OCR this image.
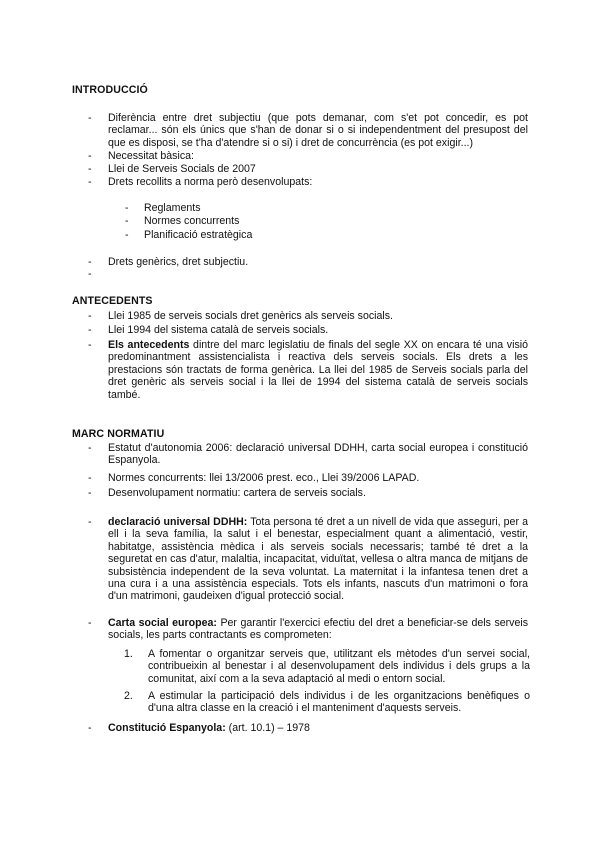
INTRODUCCIÓ
-	Diferència entre dret subjectiu (que pots demanar, com s'et pot concedir, es pot reclamar... són els únics que s'han de donar si o si independentment del presupost del que es disposi, se t'ha d'atendre si o si) i dret de concurrència (es pot exigir...)
-	Necessitat bàsica:
-	Llei de Serveis Socials de 2007
-	Drets recollits a norma però desenvolupats:
-	Reglaments
-	Normes concurrents
-	Planificació estratègica
-	Drets genèrics, dret subjectiu.
-
ANTECEDENTS
-	Llei 1985 de serveis socials dret genèrics als serveis socials.
-	Llei 1994 del sistema català de serveis socials.
-	Els antecedents dintre del marc legislatiu de finals del segle XX on encara té una visió predominantment assistencialista i reactiva dels serveis socials. Els drets a les prestacions són tractats de forma genèrica. La llei del 1985 de Serveis socials parla del dret genèric als serveis social i la llei de 1994 del sistema català de serveis socials també.
MARC NORMATIU
-	Estatut d'autonomia 2006: declaració universal DDHH, carta social europea i constitució Espanyola.
-	Normes concurrents: llei 13/2006 prest. eco., Llei 39/2006 LAPAD.
-	Desenvolupament normatiu: cartera de serveis socials.
-	declaració universal DDHH: Tota persona té dret a un nivell de vida que asseguri, per a ell i la seva família, la salut i el benestar, especialment quant a alimentació, vestir, habitatge, assistència mèdica i als serveis socials necessaris; també té dret a la seguretat en cas d'atur, malaltia, incapacitat, viduïtat, vellesa o altra manca de mitjans de subsistència independent de la seva voluntat. La maternitat i la infantesa tenen dret a una cura i a una assistència especials. Tots els infants, nascuts d'un matrimoni o fora d'un matrimoni, gaudeixen d'igual protecció social.
-	Carta social europea: Per garantir l'exercici efectiu del dret a beneficiar-se dels serveis socials, les parts contractants es comprometen:
1.	A fomentar o organitzar serveis que, utilitzant els mètodes d'un servei social, contribueixin al benestar i al desenvolupament dels individus i dels grups a la comunitat, així com a la seva adaptació al medi o entorn social.
2.	A estimular la participació dels individus i de les organitzacions benèfiques o d'una altra classe en la creació i el manteniment d'aquests serveis.
-	Constitució Espanyola: (art. 10.1) – 1978
